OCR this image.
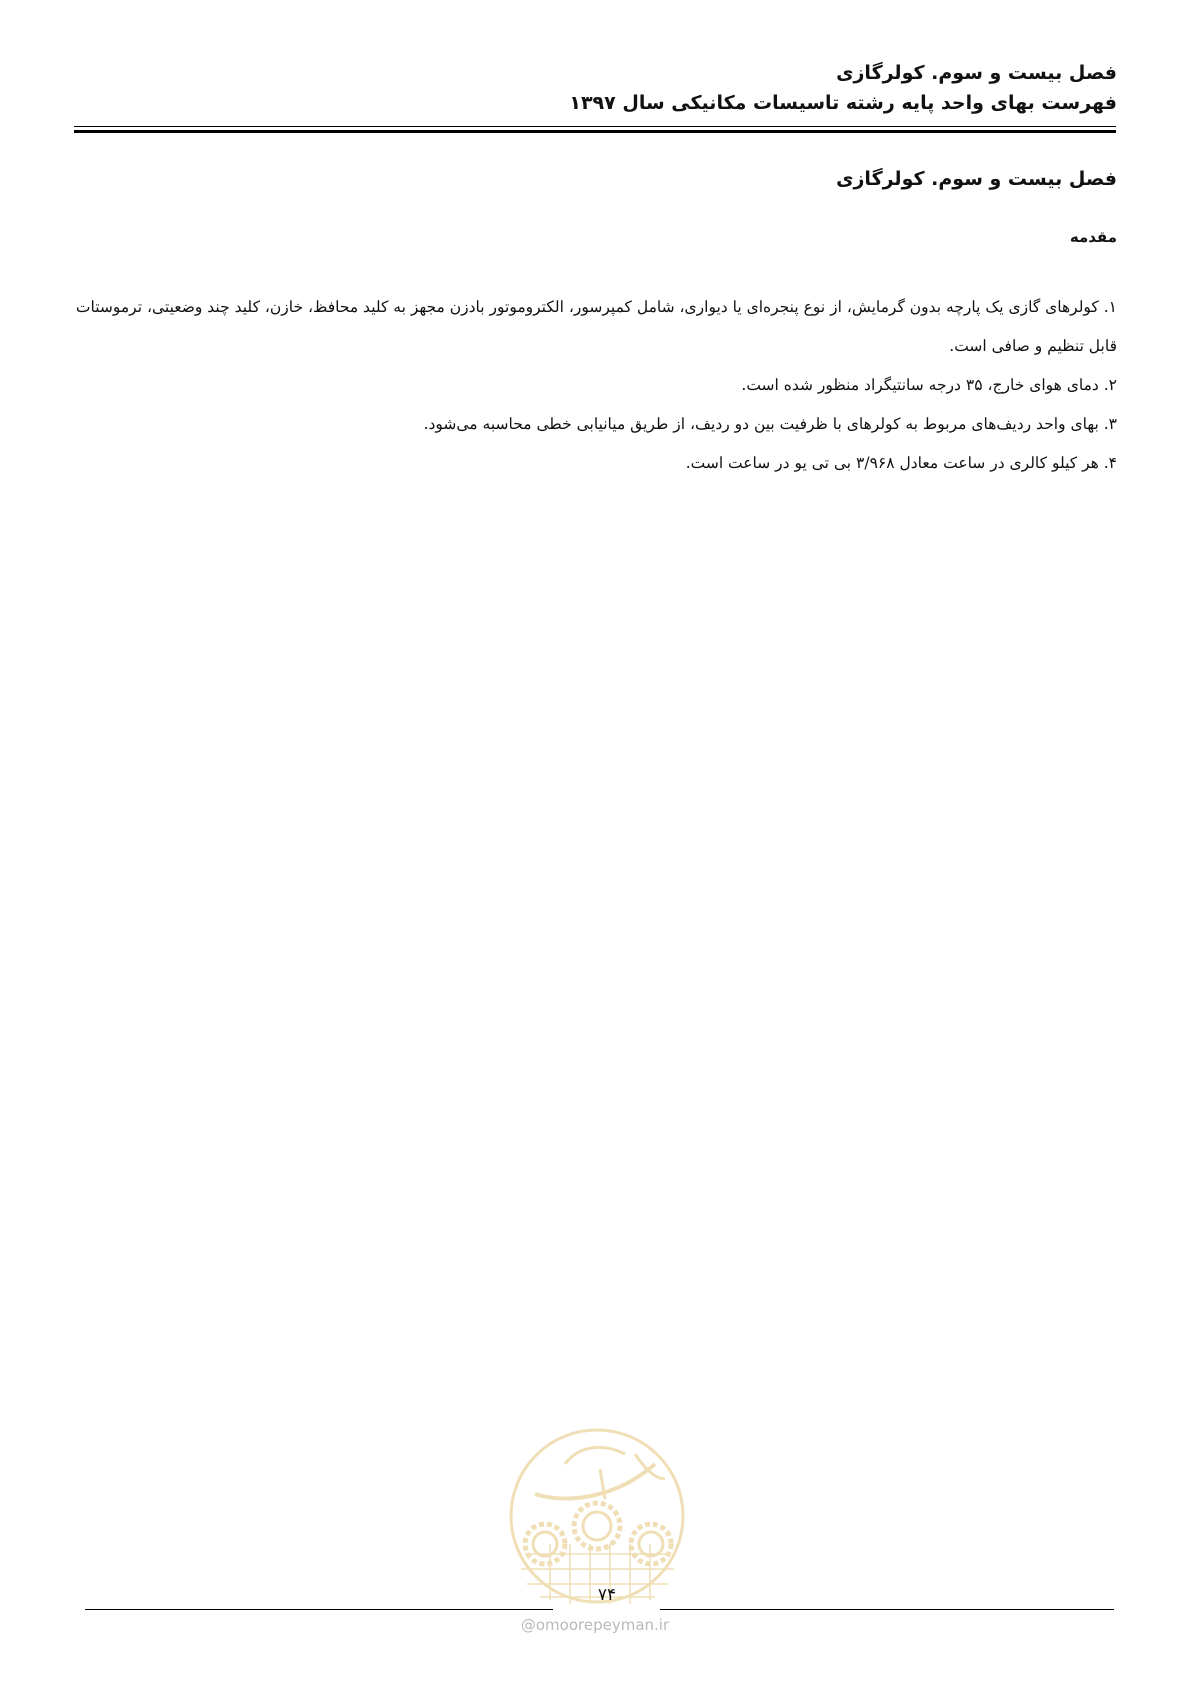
فصل بیست و سوم. کولرگازی
فهرست بهای واحد پایه رشته تاسیسات مکانیکی سال ۱۳۹۷
فصل بیست و سوم. کولرگازی
مقدمه
۱. کولرهای گازی یک پارچه بدون گرمایش، از نوع پنجره‌ای یا دیواری، شامل کمپرسور، الکتروموتور بادزن مجهز به کلید محافظ، خازن، کلید چند وضعیتی، ترموستات قابل تنظیم و صافی است.
۲. دمای هوای خارج، ۳۵ درجه سانتیگراد منظور شده است.
۳. بهای واحد ردیف‌های مربوط به کولرهای با ظرفیت بین دو ردیف، از طریق میانیابی خطی محاسبه می‌شود.
۴. هر کیلو کالری در ساعت معادل ۳/۹۶۸ بی تی یو در ساعت است.
۷۴
@omoorepeyman.ir
